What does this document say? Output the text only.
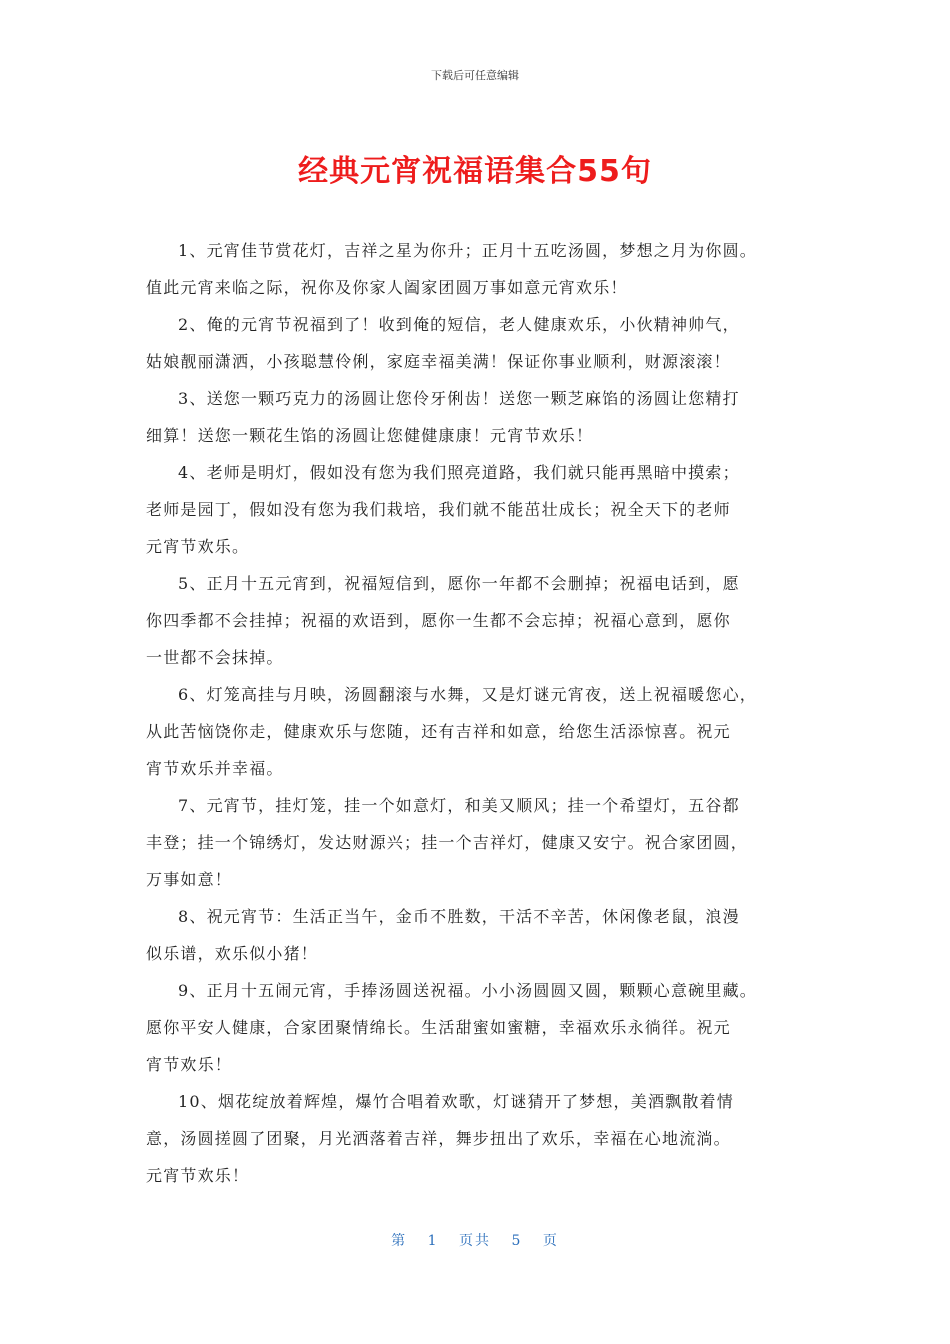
下载后可任意编辑
经典元宵祝福语集合55句
1、元宵佳节赏花灯，吉祥之星为你升；正月十五吃汤圆，梦想之月为你圆。
值此元宵来临之际，祝你及你家人阖家团圆万事如意元宵欢乐！
2、俺的元宵节祝福到了！收到俺的短信，老人健康欢乐，小伙精神帅气，
姑娘靓丽潇洒，小孩聪慧伶俐，家庭幸福美满！保证你事业顺利，财源滚滚！
3、送您一颗巧克力的汤圆让您伶牙俐齿！送您一颗芝麻馅的汤圆让您精打
细算！送您一颗花生馅的汤圆让您健健康康！元宵节欢乐！
4、老师是明灯，假如没有您为我们照亮道路，我们就只能再黑暗中摸索；
老师是园丁，假如没有您为我们栽培，我们就不能茁壮成长；祝全天下的老师
元宵节欢乐。
5、正月十五元宵到，祝福短信到，愿你一年都不会删掉；祝福电话到，愿
你四季都不会挂掉；祝福的欢语到，愿你一生都不会忘掉；祝福心意到，愿你
一世都不会抹掉。
6、灯笼高挂与月映，汤圆翻滚与水舞，又是灯谜元宵夜，送上祝福暖您心，
从此苦恼饶你走，健康欢乐与您随，还有吉祥和如意，给您生活添惊喜。祝元
宵节欢乐并幸福。
7、元宵节，挂灯笼，挂一个如意灯，和美又顺风；挂一个希望灯，五谷都
丰登；挂一个锦绣灯，发达财源兴；挂一个吉祥灯，健康又安宁。祝合家团圆，
万事如意！
8、祝元宵节：生活正当午，金币不胜数，干活不辛苦，休闲像老鼠，浪漫
似乐谱，欢乐似小猪！
9、正月十五闹元宵，手捧汤圆送祝福。小小汤圆圆又圆，颗颗心意碗里藏。
愿你平安人健康，合家团聚情绵长。生活甜蜜如蜜糖，幸福欢乐永徜徉。祝元
宵节欢乐！
10、烟花绽放着辉煌，爆竹合唱着欢歌，灯谜猜开了梦想，美酒飘散着情
意，汤圆搓圆了团聚，月光洒落着吉祥，舞步扭出了欢乐，幸福在心地流淌。
元宵节欢乐！
第 1 页共 5 页
